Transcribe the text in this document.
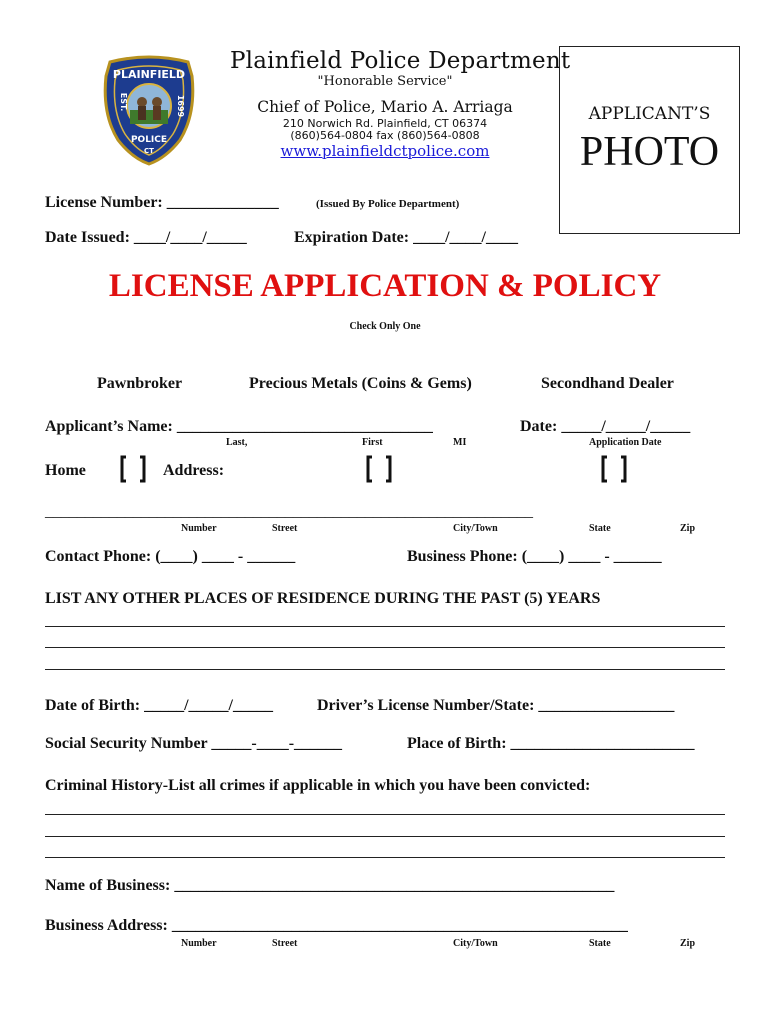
PLAINFIELD
EST.	1699
POLICE
CT
Plainfield Police Department
"Honorable Service"
Chief of Police, Mario A. Arriaga
210 Norwich Rd. Plainfield, CT 06374
(860)564-0804 fax (860)564-0808
www.plainfieldctpolice.com
APPLICANT’S
PHOTO
License Number: ______________	(Issued By Police Department)
Date Issued: ____/____/_____	Expiration Date: ____/____/____
LICENSE APPLICATION & POLICY
Check Only One
Pawnbroker	Precious Metals (Coins & Gems)	Secondhand Dealer
Applicant’s Name: ________________________________	Date: _____/_____/_____
Last,	First	MI	Application Date
Home	Address:
_____________________________________________________________
Number	Street	City/Town	State	Zip
Contact Phone: (____) ____ - ______	Business Phone: (____) ____ - ______
LIST ANY OTHER PLACES OF RESIDENCE DURING THE PAST (5) YEARS
Date of Birth: _____/_____/_____	Driver’s License Number/State: _________________
Social Security Number _____-____-______	Place of Birth: _______________________
Criminal History-List all crimes if applicable in which you have been convicted:
Name of Business: _______________________________________________________
Business Address: _________________________________________________________
Number	Street	City/Town	State	Zip
